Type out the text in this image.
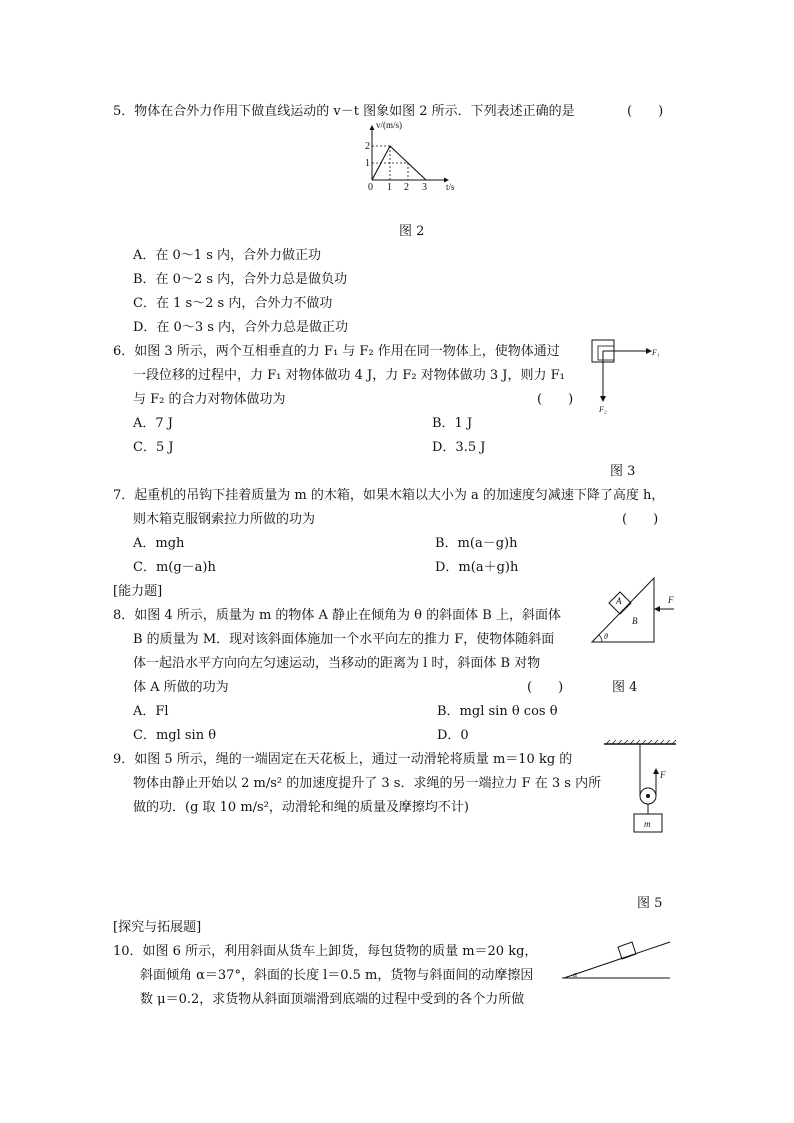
5．物体在合外力作用下做直线运动的 v－t 图象如图 2 所示．下列表述正确的是	(　　)
v/(m/s)
t/s
2
1
0 1 2 3
图 2
A．在 0～1 s 内，合外力做正功
B．在 0～2 s 内，合外力总是做负功
C．在 1 s～2 s 内，合外力不做功
D．在 0～3 s 内，合外力总是做正功
6．如图 3 所示，两个互相垂直的力 F₁ 与 F₂ 作用在同一物体上，使物体通过
一段位移的过程中，力 F₁ 对物体做功 4 J，力 F₂ 对物体做功 3 J，则力 F₁
与 F₂ 的合力对物体做功为	(　　)
A．7 J	B．1 J
C．5 J	D．3.5 J
F₁
F₂
图 3
7．起重机的吊钩下挂着质量为 m 的木箱，如果木箱以大小为 a 的加速度匀减速下降了高度 h，
则木箱克服钢索拉力所做的功为	(　　)
A．mgh	B．m(a－g)h
C．m(g－a)h	D．m(a＋g)h
[能力题]
8．如图 4 所示，质量为 m 的物体 A 静止在倾角为 θ 的斜面体 B 上，斜面体
B 的质量为 M．现对该斜面体施加一个水平向左的推力 F，使物体随斜面
体一起沿水平方向向左匀速运动，当移动的距离为 l 时，斜面体 B 对物
体 A 所做的功为	(　　)
A．Fl	B．mgl sin θ cos θ
C．mgl sin θ	D．0
A
B
F
θ
图 4
9．如图 5 所示，绳的一端固定在天花板上，通过一动滑轮将质量 m＝10 kg 的
物体由静止开始以 2 m/s² 的加速度提升了 3 s．求绳的另一端拉力 F 在 3 s 内所
做的功．(g 取 10 m/s²，动滑轮和绳的质量及摩擦均不计)
F
m
图 5
[探究与拓展题]
10．如图 6 所示，利用斜面从货车上卸货，每包货物的质量 m＝20 kg，
斜面倾角 α＝37°，斜面的长度 l＝0.5 m，货物与斜面间的动摩擦因
数 μ＝0.2，求货物从斜面顶端滑到底端的过程中受到的各个力所做
α
